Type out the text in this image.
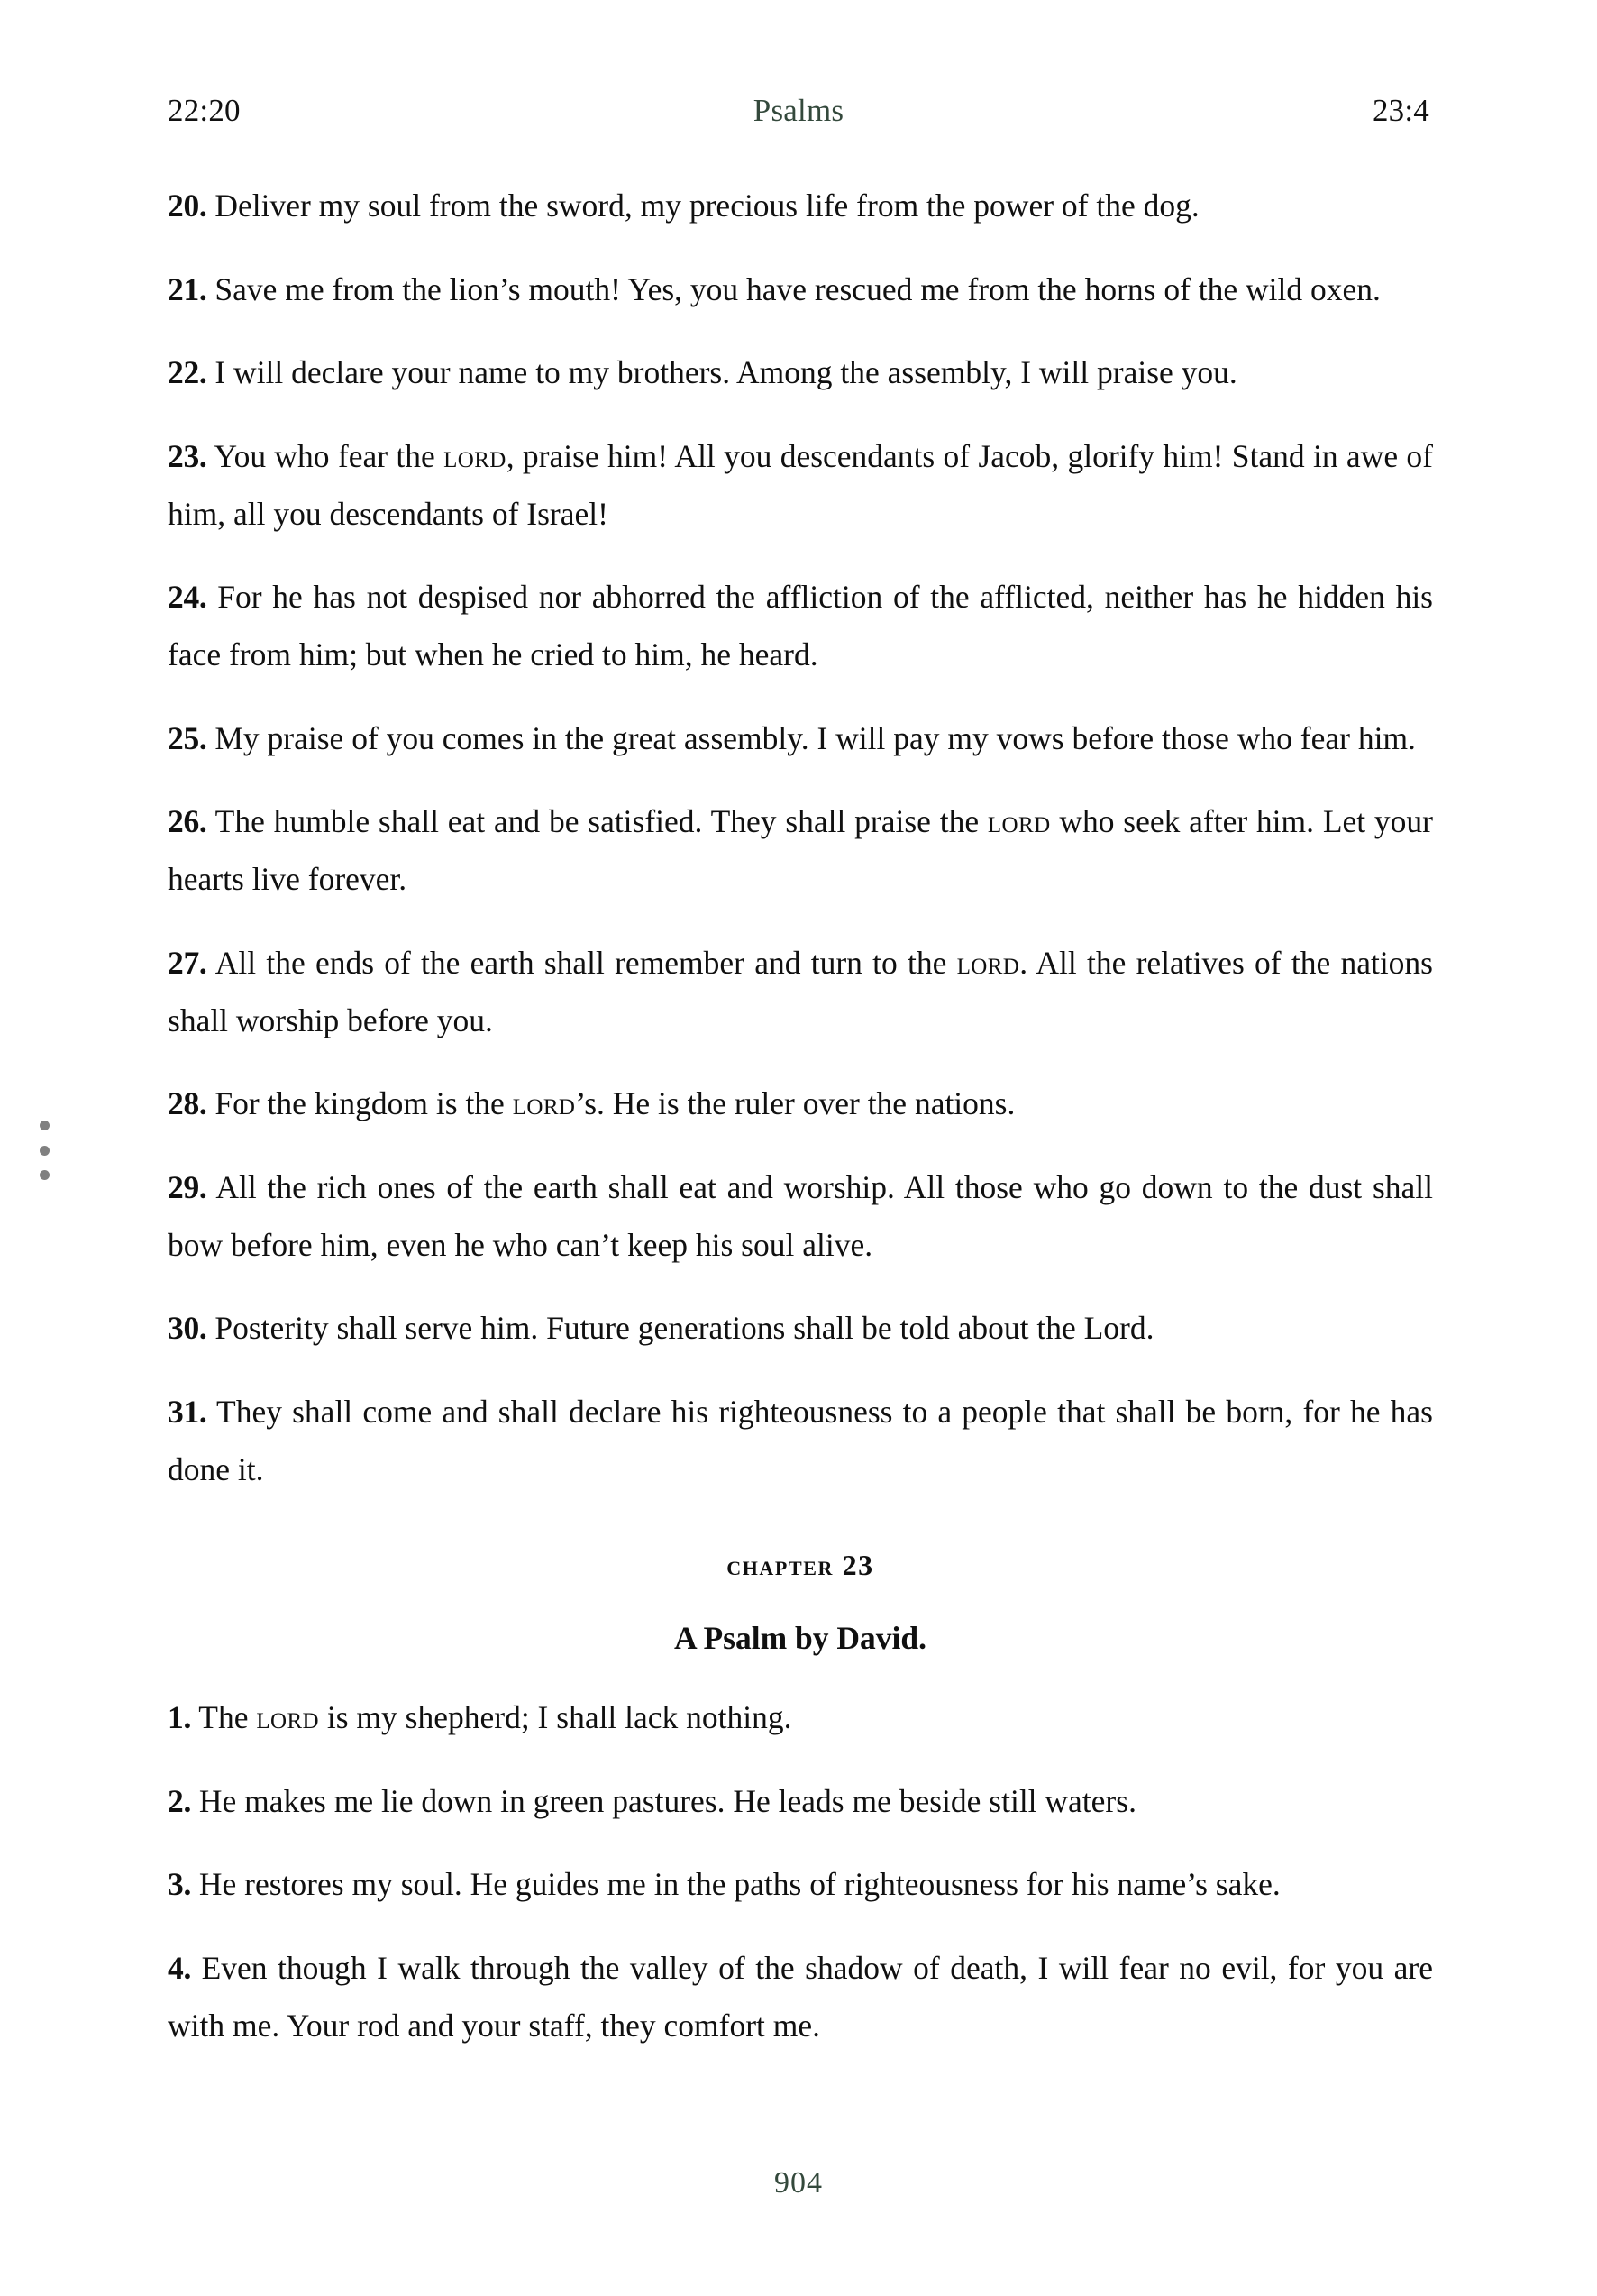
22:20	Psalms	23:4

20. Deliver my soul from the sword, my precious life from the power of the dog.

21. Save me from the lion’s mouth! Yes, you have rescued me from the horns of the wild oxen.

22. I will declare your name to my brothers. Among the assembly, I will praise you.

23. You who fear the lord, praise him! All you descendants of Jacob, glorify him! Stand in awe of him, all you descendants of Israel!

24. For he has not despised nor abhorred the affliction of the afflicted, neither has he hidden his face from him; but when he cried to him, he heard.

25. My praise of you comes in the great assembly. I will pay my vows before those who fear him.

26. The humble shall eat and be satisfied. They shall praise the lord who seek after him. Let your hearts live forever.

27. All the ends of the earth shall remember and turn to the lord. All the relatives of the nations shall worship before you.

28. For the kingdom is the lord’s. He is the ruler over the nations.

29. All the rich ones of the earth shall eat and worship. All those who go down to the dust shall bow before him, even he who can’t keep his soul alive.

30. Posterity shall serve him. Future generations shall be told about the Lord.

31. They shall come and shall declare his righteousness to a people that shall be born, for he has done it.

chapter 23
A Psalm by David.

1. The lord is my shepherd; I shall lack nothing.

2. He makes me lie down in green pastures. He leads me beside still waters.

3. He restores my soul. He guides me in the paths of righteousness for his name’s sake.

4. Even though I walk through the valley of the shadow of death, I will fear no evil, for you are with me. Your rod and your staff, they comfort me.

904
